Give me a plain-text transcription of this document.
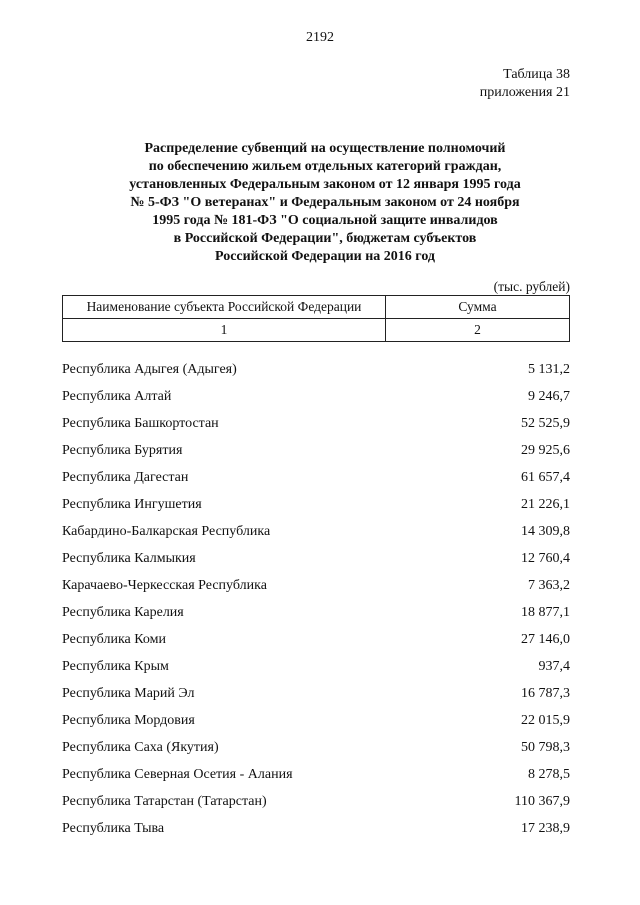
2192
Таблица 38
приложения 21
Распределение субвенций на осуществление полномочий
по обеспечению жильем отдельных категорий граждан,
установленных Федеральным законом от 12 января 1995 года
№ 5-ФЗ "О ветеранах" и Федеральным законом от 24 ноября
1995 года № 181-ФЗ "О социальной защите инвалидов
в Российской Федерации", бюджетам субъектов
Российской Федерации на 2016 год
(тыс. рублей)
Наименование субъекта Российской Федерации	Сумма
1	2
Республика Адыгея (Адыгея)	5 131,2
Республика Алтай	9 246,7
Республика Башкортостан	52 525,9
Республика Бурятия	29 925,6
Республика Дагестан	61 657,4
Республика Ингушетия	21 226,1
Кабардино-Балкарская Республика	14 309,8
Республика Калмыкия	12 760,4
Карачаево-Черкесская Республика	7 363,2
Республика Карелия	18 877,1
Республика Коми	27 146,0
Республика Крым	937,4
Республика Марий Эл	16 787,3
Республика Мордовия	22 015,9
Республика Саха (Якутия)	50 798,3
Республика Северная Осетия - Алания	8 278,5
Республика Татарстан (Татарстан)	110 367,9
Республика Тыва	17 238,9
